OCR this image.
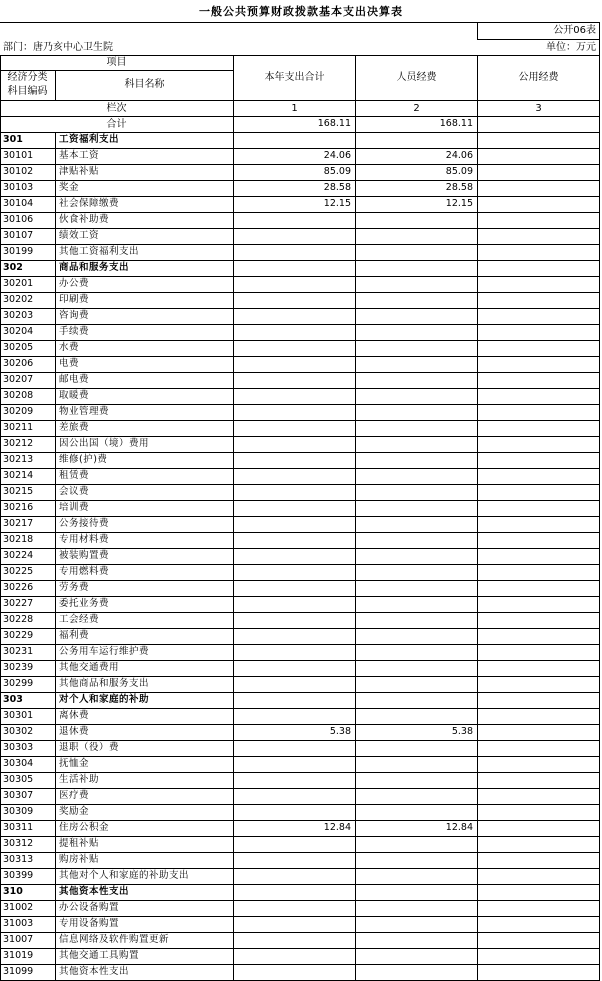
一般公共预算财政拨款基本支出决算表
公开06表
部门：唐乃亥中心卫生院	单位：万元
项目
经济分类
科目编码
科目名称
本年支出合计	人员经费	公用经费
栏次	1	2	3
合计	168.11	168.11
301	工资福利支出
30101	基本工资	24.06	24.06
30102	津贴补贴	85.09	85.09
30103	奖金	28.58	28.58
30104	社会保障缴费	12.15	12.15
30106	伙食补助费
30107	绩效工资
30199	其他工资福利支出
302	商品和服务支出
30201	办公费
30202	印刷费
30203	咨询费
30204	手续费
30205	水费
30206	电费
30207	邮电费
30208	取暖费
30209	物业管理费
30211	差旅费
30212	因公出国（境）费用
30213	维修(护)费
30214	租赁费
30215	会议费
30216	培训费
30217	公务接待费
30218	专用材料费
30224	被装购置费
30225	专用燃料费
30226	劳务费
30227	委托业务费
30228	工会经费
30229	福利费
30231	公务用车运行维护费
30239	其他交通费用
30299	其他商品和服务支出
303	对个人和家庭的补助
30301	离休费
30302	退休费	5.38	5.38
30303	退职（役）费
30304	抚恤金
30305	生活补助
30307	医疗费
30309	奖励金
30311	住房公积金	12.84	12.84
30312	提租补贴
30313	购房补贴
30399	其他对个人和家庭的补助支出
310	其他资本性支出
31002	办公设备购置
31003	专用设备购置
31007	信息网络及软件购置更新
31019	其他交通工具购置
31099	其他资本性支出
